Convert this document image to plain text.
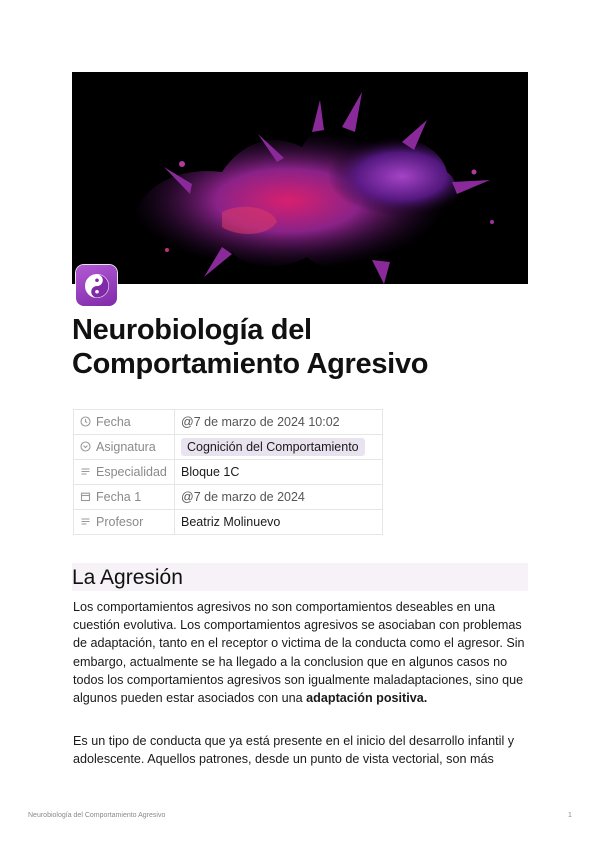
Neurobiología del
Comportamiento Agresivo
Fecha	@7 de marzo de 2024 10:02
Asignatura	Cognición del Comportamiento
Especialidad	Bloque 1C
Fecha 1	@7 de marzo de 2024
Profesor	Beatriz Molinuevo
La Agresión

Los comportamientos agresivos no son comportamientos deseables en una cuestión evolutiva. Los comportamientos agresivos se asociaban con problemas de adaptación, tanto en el receptor o victima de la conducta como el agresor. Sin embargo, actualmente se ha llegado a la conclusion que en algunos casos no todos los comportamientos agresivos son igualmente maladaptaciones, sino que algunos pueden estar asociados con una adaptación positiva.

Es un tipo de conducta que ya está presente en el inicio del desarrollo infantil y adolescente. Aquellos patrones, desde un punto de vista vectorial, son más

Neurobiología del Comportamiento Agresivo	1
